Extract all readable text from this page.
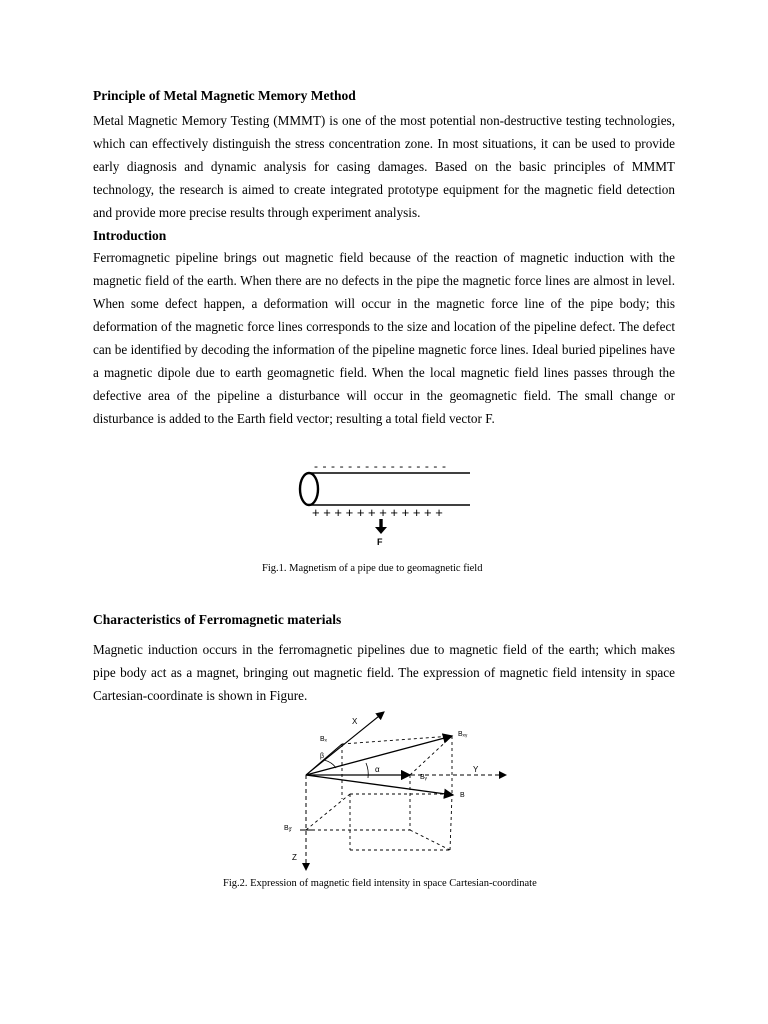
Principle of Metal Magnetic Memory Method

Metal Magnetic Memory Testing (MMMT) is one of the most potential non-destructive testing technologies, which can effectively distinguish the stress concentration zone. In most situations, it can be used to provide early diagnosis and dynamic analysis for casing damages. Based on the basic principles of MMMT technology, the research is aimed to create integrated prototype equipment for the magnetic field detection and provide more precise results through experiment analysis.

Introduction

Ferromagnetic pipeline brings out magnetic field because of the reaction of magnetic induction with the magnetic field of the earth. When there are no defects in the pipe the magnetic force lines are almost in level. When some defect happen, a deformation will occur in the magnetic force line of the pipe body; this deformation of the magnetic force lines corresponds to the size and location of the pipeline defect. The defect can be identified by decoding the information of the pipeline magnetic force lines. Ideal buried pipelines have a magnetic dipole due to earth geomagnetic field. When the local magnetic field lines passes through the defective area of the pipeline a disturbance will occur in the geomagnetic field. The small change or disturbance is added to the Earth field vector; resulting a total field vector F.

Fig.1. Magnetism of a pipe due to geomagnetic field
Characteristics of Ferromagnetic materials

Magnetic induction occurs in the ferromagnetic pipelines due to magnetic field of the earth; which makes pipe body act as a magnet, bringing out magnetic field. The expression of magnetic field intensity in space Cartesian-coordinate is shown in Figure.

Fig.2. Expression of magnetic field intensity in space Cartesian-coordinate
- - - - - - - - - - - - - - - -
+ + + + + + + + + + + +
F
X
Y
Z
Bₓ
Bₓᵧ
Bᵧ
B
B𝓏
β
α
